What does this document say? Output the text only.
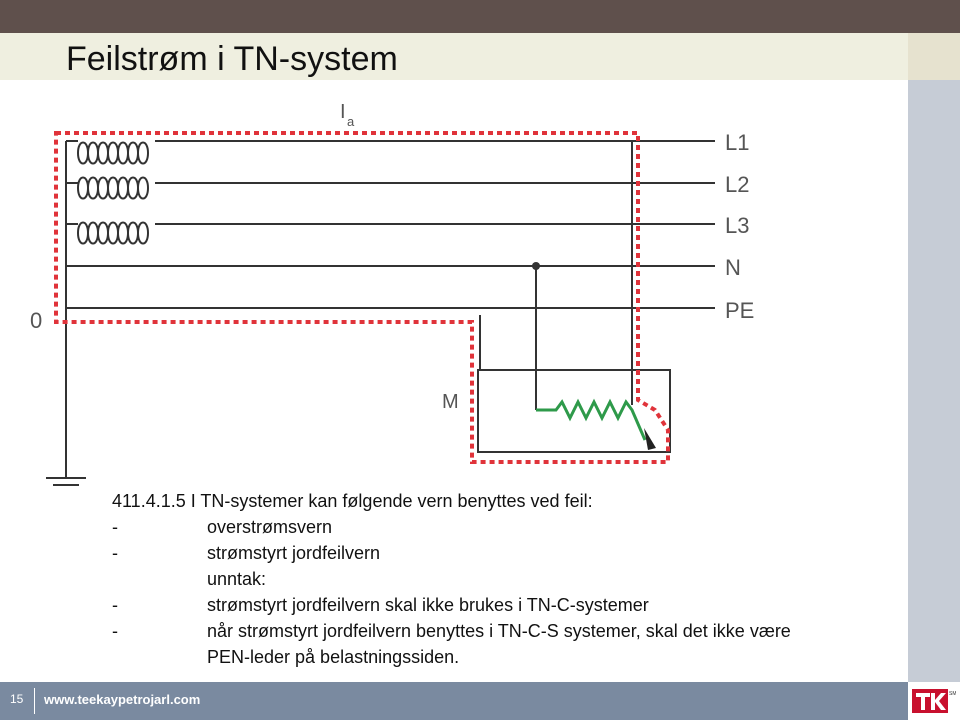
Feilstrøm i TN-system
I a
M
L1
L2
L3
N
PE
0
411.4.1.5 I TN-systemer kan følgende vern benyttes ved feil:
-	overstrømsvern
-	strømstyrt jordfeilvern
unntak:
-	strømstyrt jordfeilvern skal ikke brukes i TN-C-systemer
-	når strømstyrt jordfeilvern benyttes i TN-C-S systemer, skal det ikke være
PEN-leder på belastningssiden.
15 www.teekaypetrojarl.com	SM
